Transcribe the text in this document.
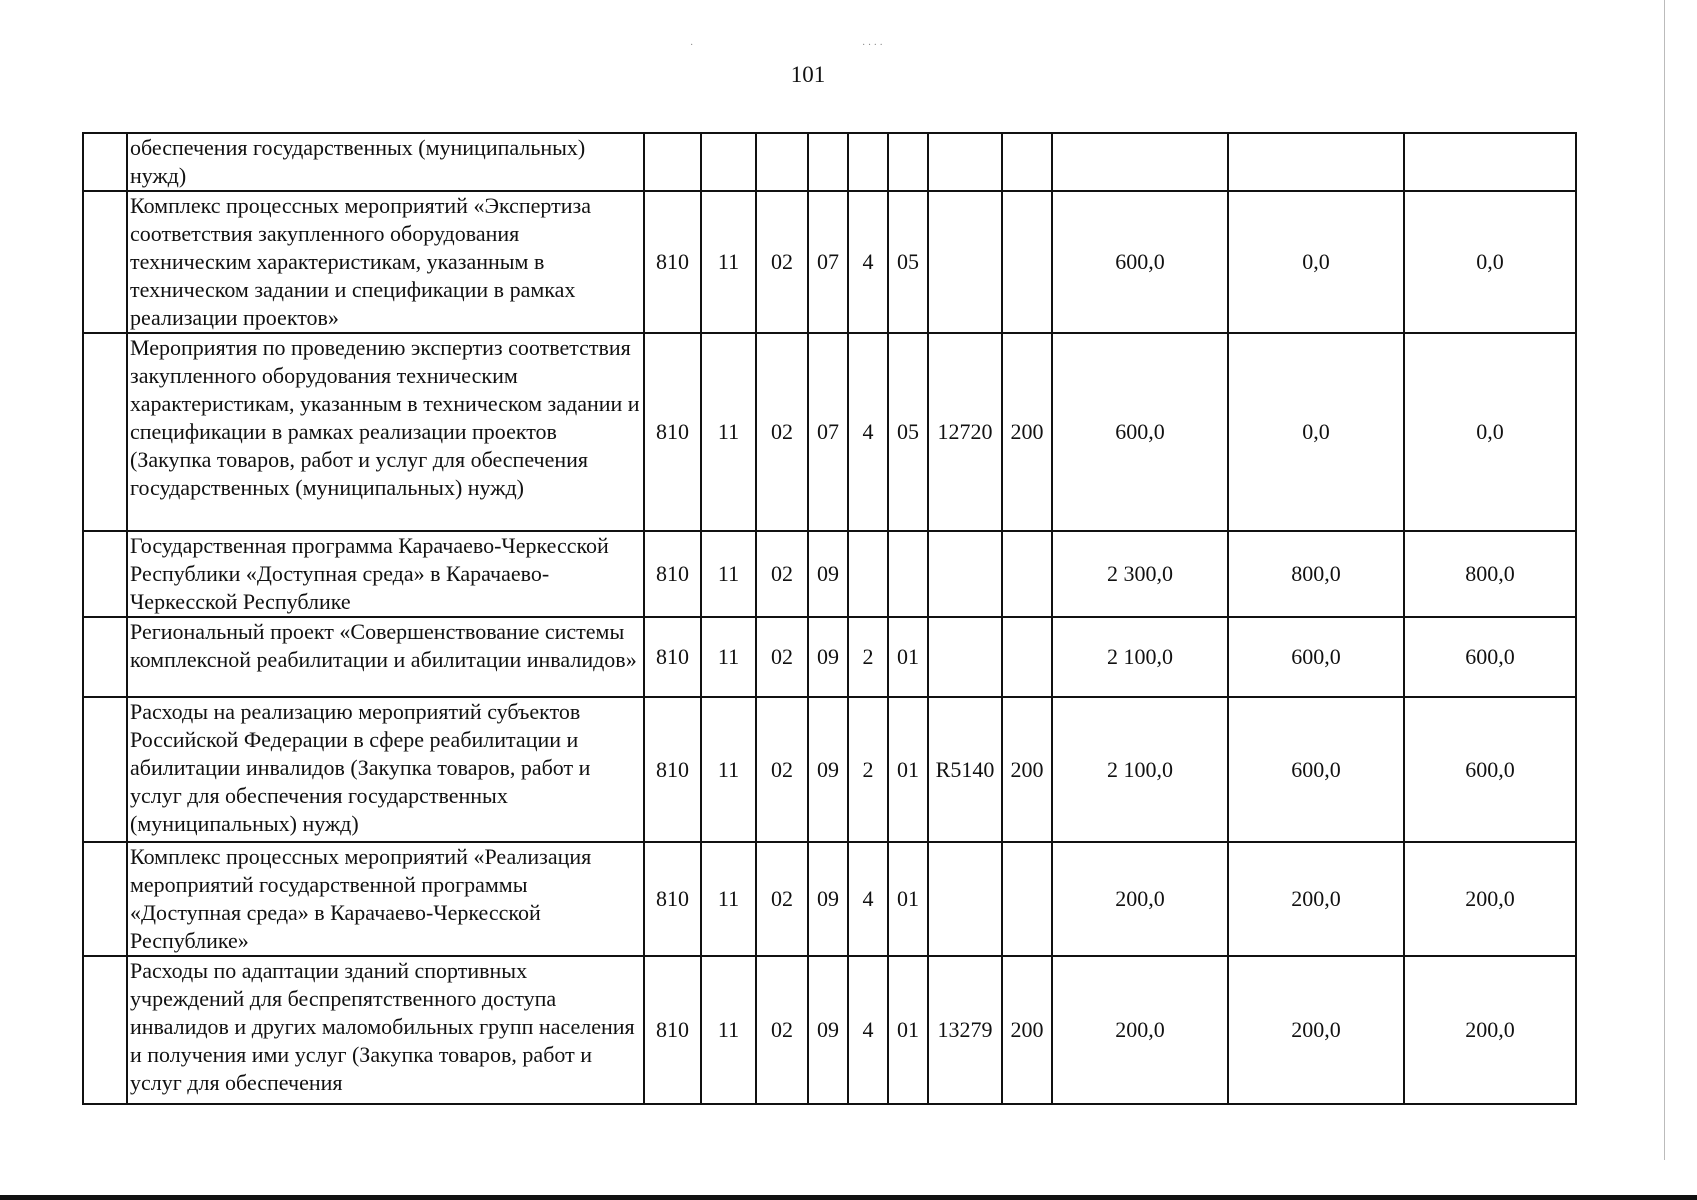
·	· · · ·
101
	обеспечения государственных (муниципальных) нужд)											
	Комплекс процессных мероприятий «Экспертиза соответствия закупленного оборудования техническим характеристикам, указанным в техническом задании и спецификации в рамках реализации проектов»	810	11	02	07	4	05			600,0	0,0	0,0
	Мероприятия по проведению экспертиз соответствия закупленного оборудования техническим характеристикам, указанным в техническом задании и спецификации в рамках реализации проектов (Закупка товаров, работ и услуг для обеспечения государственных (муниципальных) нужд)	810	11	02	07	4	05	12720	200	600,0	0,0	0,0
	Государственная программа Карачаево-Черкесской Республики «Доступная среда» в Карачаево-Черкесской Республике	810	11	02	09					2 300,0	800,0	800,0
	Региональный проект «Совершенствование системы комплексной реабилитации и абилитации инвалидов»	810	11	02	09	2	01			2 100,0	600,0	600,0
	Расходы на реализацию мероприятий субъектов Российской Федерации в сфере реабилитации и абилитации инвалидов (Закупка товаров, работ и услуг для обеспечения государственных (муниципальных) нужд)	810	11	02	09	2	01	R5140	200	2 100,0	600,0	600,0
	Комплекс процессных мероприятий «Реализация мероприятий государственной программы «Доступная среда» в Карачаево-Черкесской Республике»	810	11	02	09	4	01			200,0	200,0	200,0
	Расходы по адаптации зданий спортивных учреждений для беспрепятственного доступа инвалидов и других маломобильных групп населения и получения ими услуг (Закупка товаров, работ и услуг для обеспечения	810	11	02	09	4	01	13279	200	200,0	200,0	200,0
